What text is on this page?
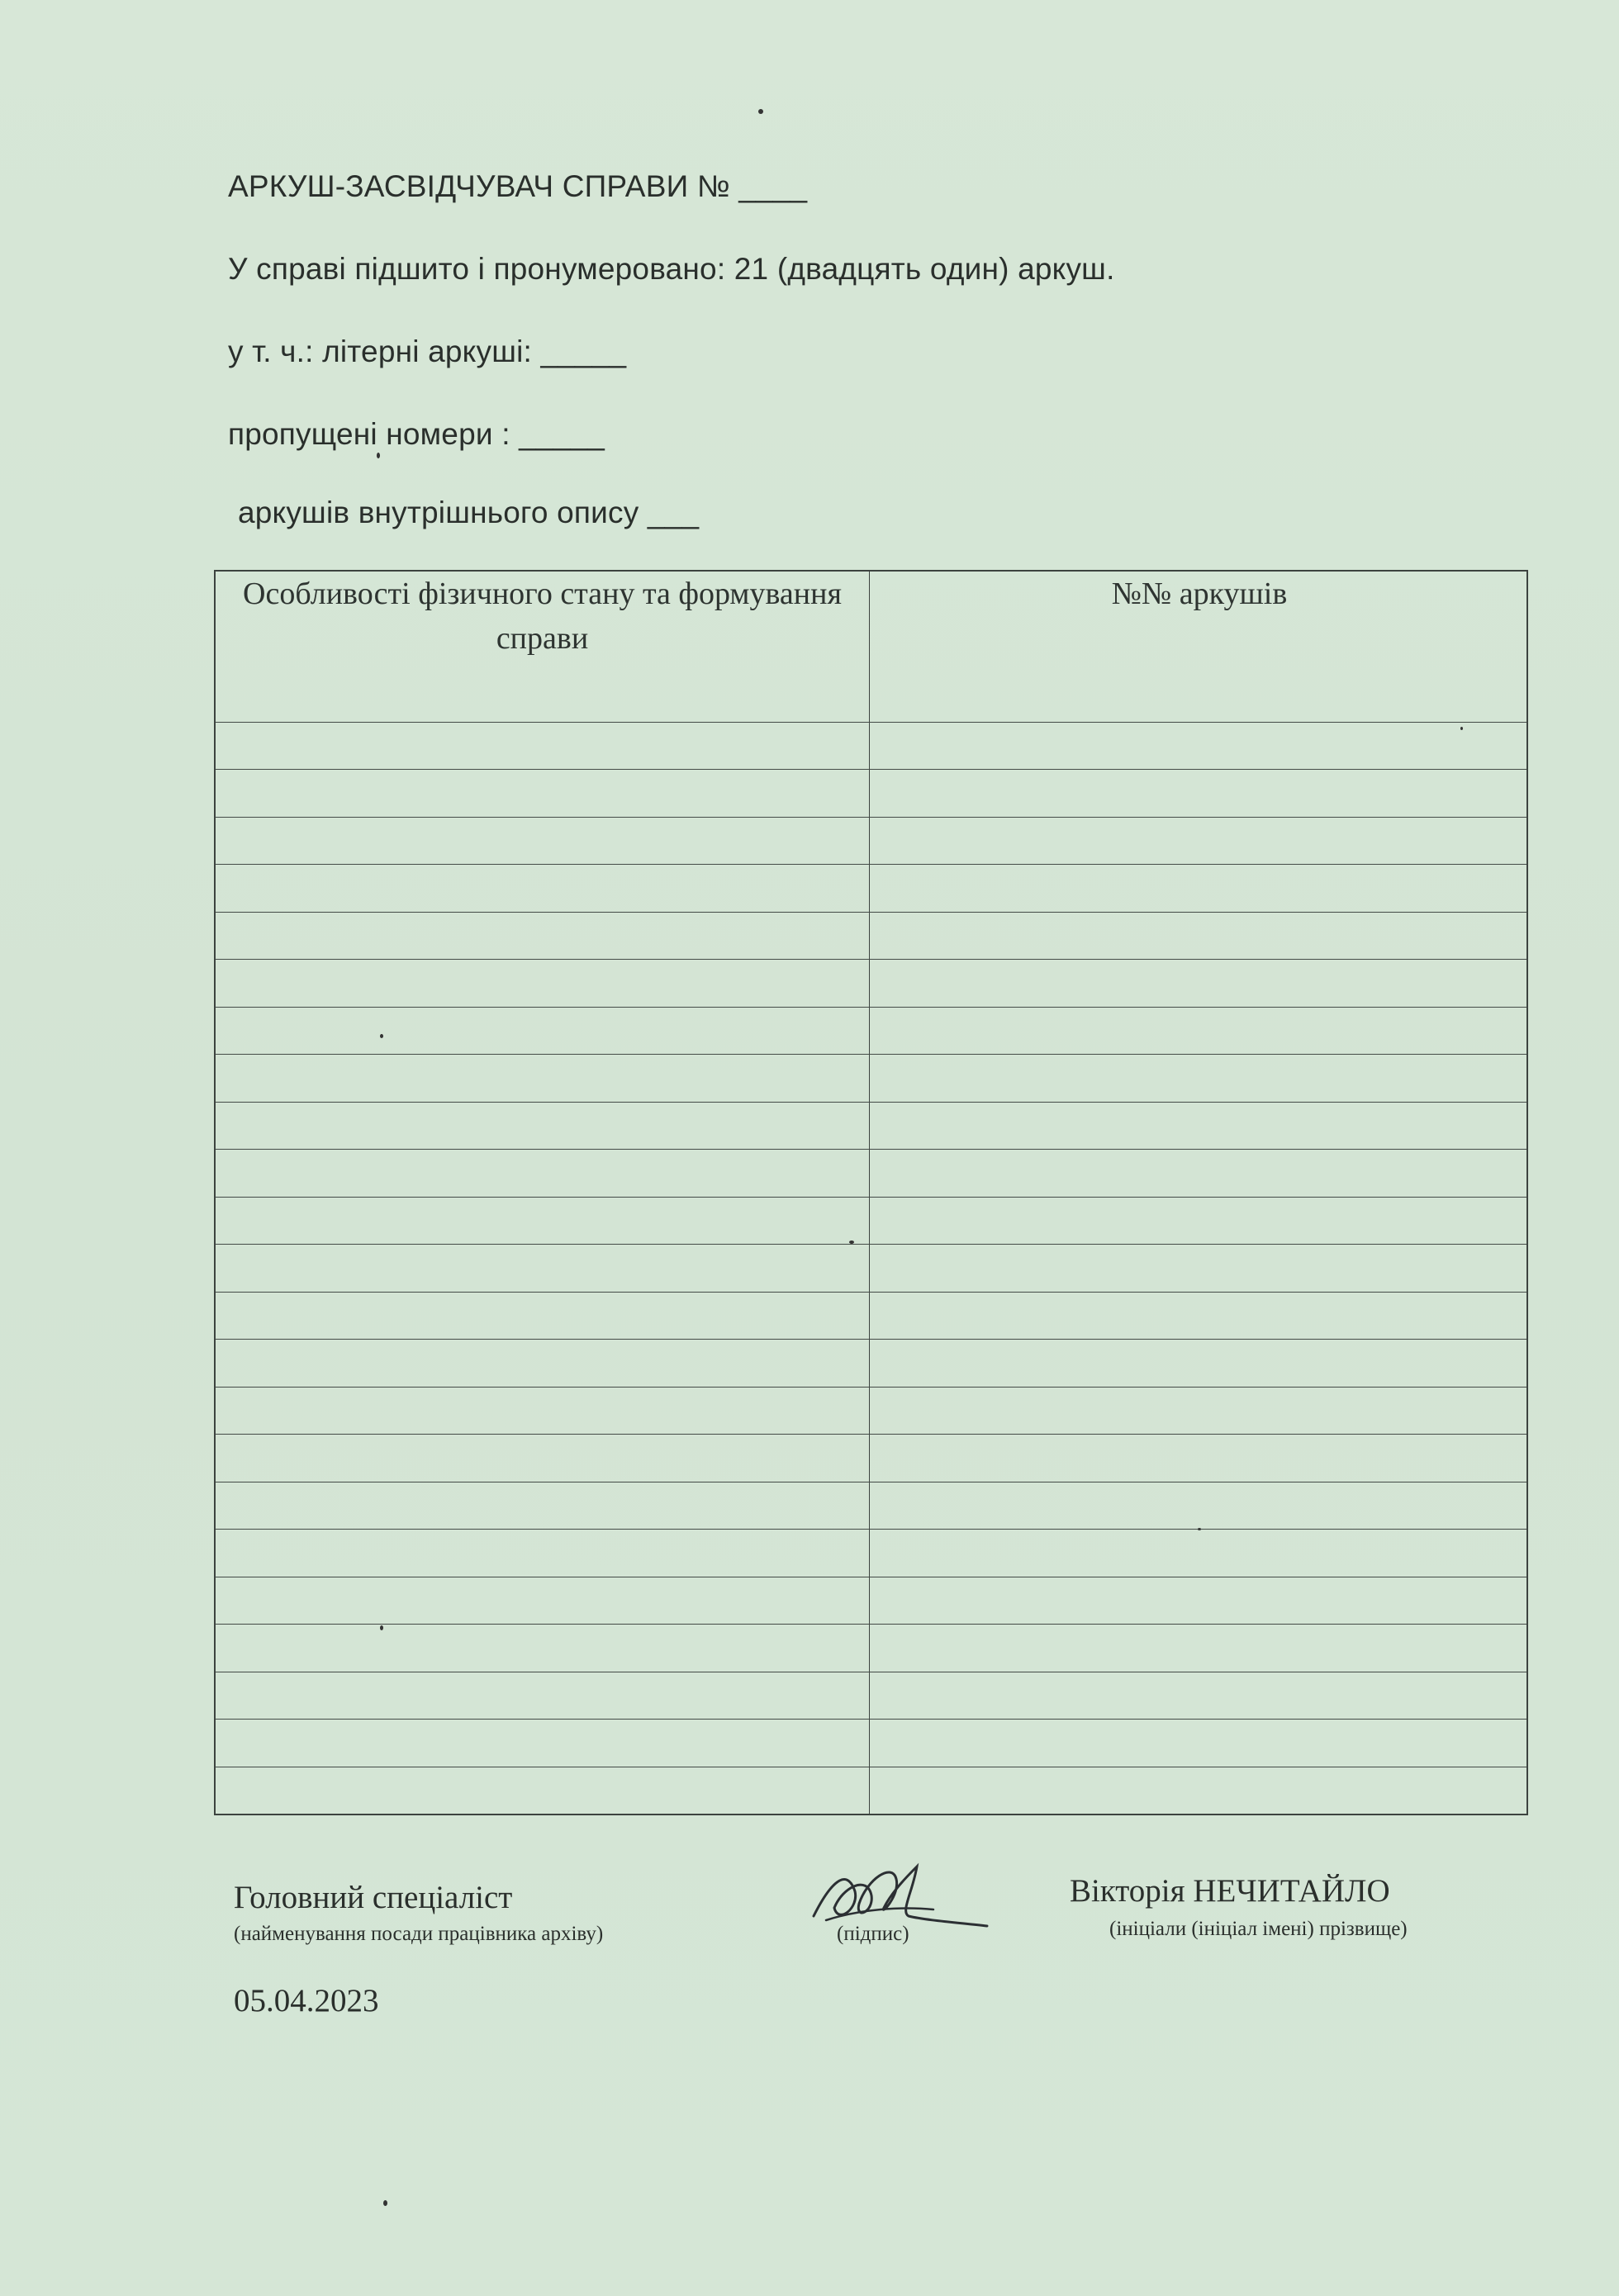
АРКУШ-ЗАСВІДЧУВАЧ СПРАВИ № ____
У справі підшито і пронумеровано: 21 (двадцять один) аркуш.
у т. ч.: літерні аркуші: _____
пропущені номери : _____
аркушів внутрішнього опису ___
Особливості фізичного стану та формування справи
№№ аркушів
Головний спеціаліст
(найменування посади працівника архіву)	(підпис)
Вікторія НЕЧИТАЙЛО
(ініціали (ініціал імені) прізвище)
05.04.2023
